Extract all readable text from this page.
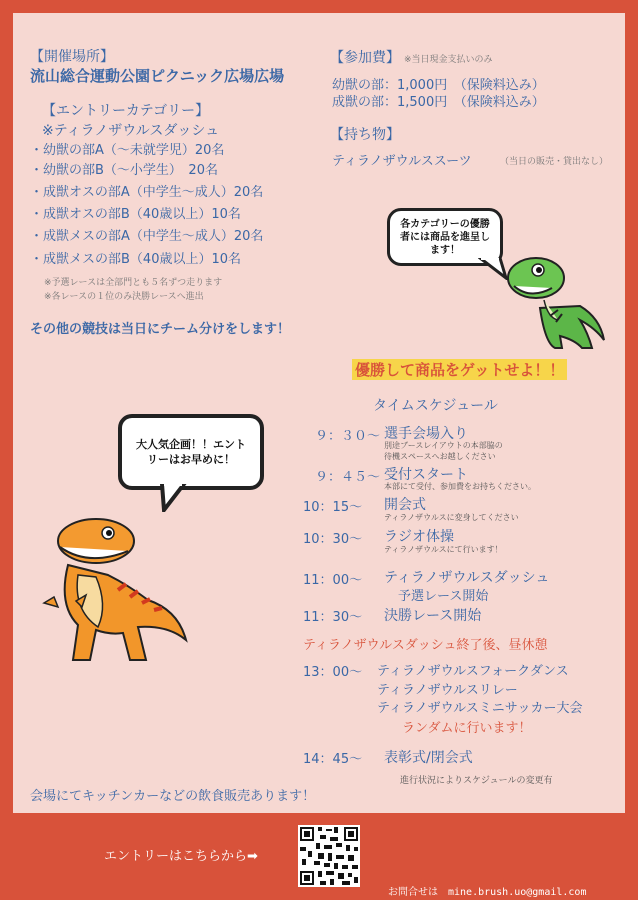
【開催場所】
流山総合運動公園ピクニック広場広場
【エントリーカテゴリー】
※ティラノザウルスダッシュ
・幼獣の部A（～未就学児）20名
・幼獣の部B（～小学生）　20名
・成獣オスの部A（中学生～成人）20名
・成獣オスの部B（40歳以上）10名
・成獣メスの部A（中学生～成人）20名
・成獣メスの部B（40歳以上）10名
※予選レースは全部門とも５名ずつ走ります
※各レースの１位のみ決勝レースへ進出
その他の競技は当日にチーム分けをします！
【参加費】 ※当日現金支払いのみ
幼獣の部：1,000円　（保険料込み）
成獣の部：1,500円　（保険料込み）
【持ち物】
ティラノザウルススーツ	（当日の販売・貸出なし）
各カテゴリーの優勝者には商品を進呈します！
優勝して商品をゲットせよ！！
タイムスケジュール
９：３０～ 選手会場入り
別途ブースレイアウトの本部脇の
待機スペースへお越しください
９：４５～ 受付スタート
本部にて受付、参加費をお持ちください。
10：15～ 開会式
ティラノザウルスに変身してください
10：30～ ラジオ体操
ティラノザウルスにて行います！
11：00～ ティラノザウルスダッシュ
予選レース開始
11：30～ 決勝レース開始
ティラノザウルスダッシュ終了後、昼休憩
13：00～ ティラノザウルスフォークダンス
ティラノザウルスリレー
ティラノザウルスミニサッカー大会
ランダムに行います！
14：45～ 表彰式/閉会式
進行状況によりスケジュールの変更有
大人気企画！！エントリーはお早めに！
会場にてキッチンカーなどの飲食販売あります！
エントリーはこちらから➡
お問合せは　mine.brush.uo@gmail.com
